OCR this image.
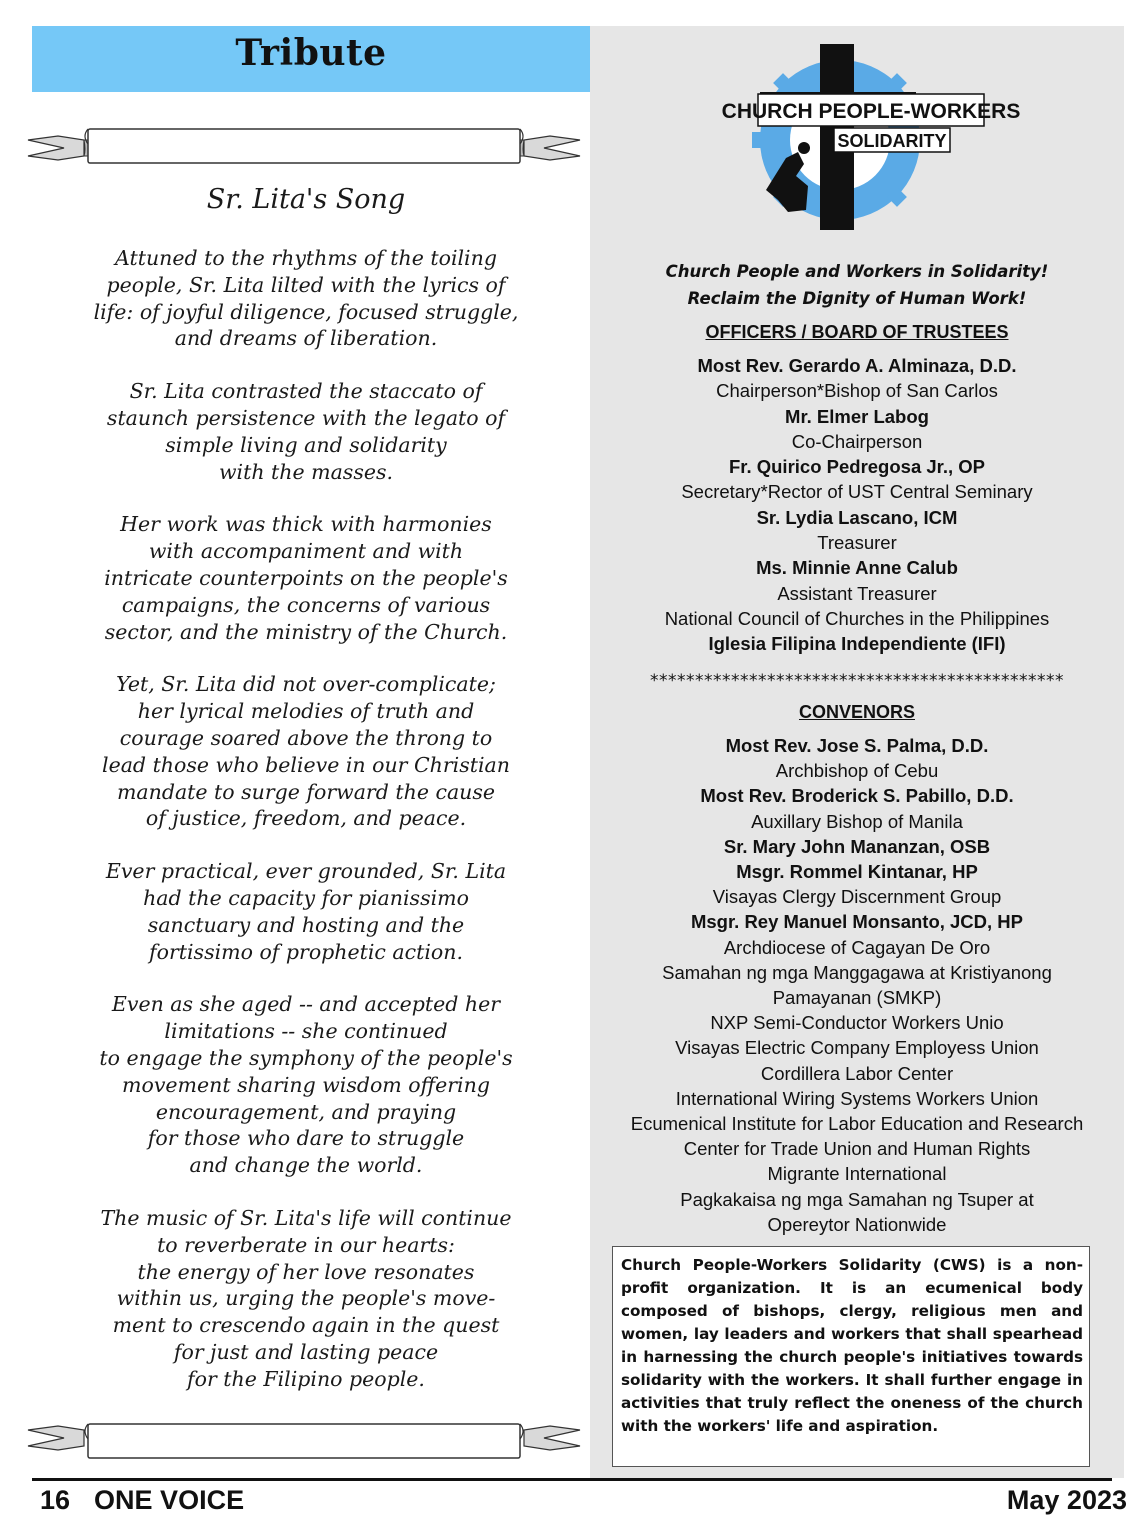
Tribute
Sr. Lita's Song

Attuned to the rhythms of the toiling
people, Sr. Lita lilted with the lyrics of
life: of joyful diligence, focused struggle,
and dreams of liberation.

Sr. Lita contrasted the staccato of
staunch persistence with the legato of
simple living and solidarity
with the masses.

Her work was thick with harmonies
with accompaniment and with
intricate counterpoints on the people's
campaigns, the concerns of various
sector, and the ministry of the Church.

Yet, Sr. Lita did not over-complicate;
her lyrical melodies of truth and
courage soared above the throng to
lead those who believe in our Christian
mandate to surge forward the cause
of justice, freedom, and peace.

Ever practical, ever grounded, Sr. Lita
had the capacity for pianissimo
sanctuary and hosting and the
fortissimo of prophetic action.

Even as she aged -- and accepted her
limitations -- she continued
to engage the symphony of the people's
movement sharing wisdom offering
encouragement, and praying
for those who dare to struggle
and change the world.

The music of Sr. Lita's life will continue
to reverberate in our hearts:
the energy of her love resonates
within us, urging the people's move-
ment to crescendo again in the quest
for just and lasting peace
for the Filipino people.

CHURCH PEOPLE-WORKERS
SOLIDARITY
Church People and Workers in Solidarity!
Reclaim the Dignity of Human Work!
OFFICERS / BOARD OF TRUSTEES
Most Rev. Gerardo A. Alminaza, D.D.
Chairperson*Bishop of San Carlos
Mr. Elmer Labog
Co-Chairperson
Fr. Quirico Pedregosa Jr., OP
Secretary*Rector of UST Central Seminary
Sr. Lydia Lascano, ICM
Treasurer
Ms. Minnie Anne Calub
Assistant Treasurer
National Council of Churches in the Philippines
Iglesia Filipina Independiente (IFI)
**********************************************
CONVENORS
Most Rev. Jose S. Palma, D.D.
Archbishop of Cebu
Most Rev. Broderick S. Pabillo, D.D.
Auxillary Bishop of Manila
Sr. Mary John Mananzan, OSB
Msgr. Rommel Kintanar, HP
Visayas Clergy Discernment Group
Msgr. Rey Manuel Monsanto, JCD, HP
Archdiocese of Cagayan De Oro
Samahan ng mga Manggagawa at Kristiyanong
Pamayanan (SMKP)
NXP Semi-Conductor Workers Unio
Visayas Electric Company Employess Union
Cordillera Labor Center
International Wiring Systems Workers Union
Ecumenical Institute for Labor Education and Research
Center for Trade Union and Human Rights
Migrante International
Pagkakaisa ng mga Samahan ng Tsuper at
Opereytor Nationwide
Church People-Workers Solidarity (CWS) is a non-profit organization. It is an ecumenical body composed of bishops, clergy, religious men and women, lay leaders and workers that shall spearhead in harnessing the church people's initiatives towards solidarity with the workers. It shall further engage in activities that truly reflect the oneness of the church with the workers' life and aspiration.
16 ONE VOICE	May 2023
